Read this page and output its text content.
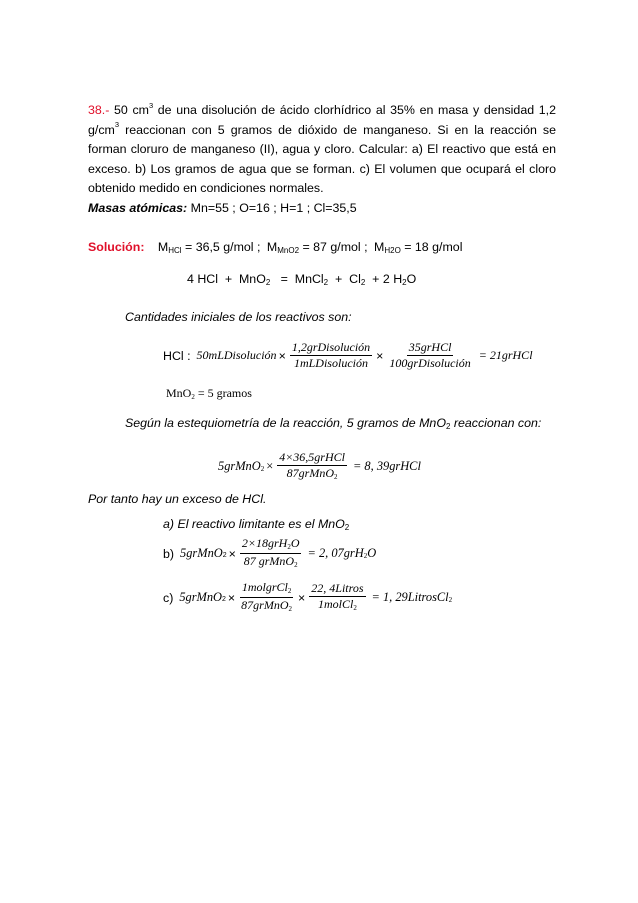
38.- 50 $cm^3$ de una disolución de ácido clorhídrico al 35% en masa y densidad 1,2 $g/cm^3$ reaccionan con 5 gramos de dióxido de manganeso. Si en la reacción se forman cloruro de manganeso (II), agua y cloro. Calcular: a) El reactivo que está en exceso. b) Los gramos de agua que se forman. c) El volumen que ocupará el cloro obtenido medido en condiciones normales.
Masas atómicas: Mn=55 ; O=16 ; H=1 ; Cl=35,5
Solución: MHCl = 36,5 g/mol ; MMnO2 = 87 g/mol ; MH2O = 18 g/mol
4 HCl  +  MnO2   =  MnCl2  +  Cl2  + 2 H2O
Cantidades iniciales de los reactivos son:
HCl : 50mLDisolución × $\frac{\text{1,2grDisolución}}{\text{1mLDisolución}} \times \frac{\text{35grHCl}}{\text{100grDisolución}}$ = 21grHCl
MnO2 = 5 gramos
Según la estequiometría de la reacción, 5 gramos de MnO2 reaccionan con:
5grMnO $2 \times \frac{\text{4×36,5grHCl}}{\text{87grMnO2}} = 8$, 39grHCl
Por tanto hay un exceso de HCl.
a) El reactivo limitante es el MnO2
b) 5grMnO $2 \times \frac{\text{2×18grH2O}}{\text{87 grMnO2}} = 2$, 07grH 2 O
c) 5grMnO $2 \times \frac{\text{1molgrCl2}}{\text{87grMnO2}} \times \frac{\text{22, 4Litros}}{\text{1molCl2}} = 1$, 29LitrosCl 2
